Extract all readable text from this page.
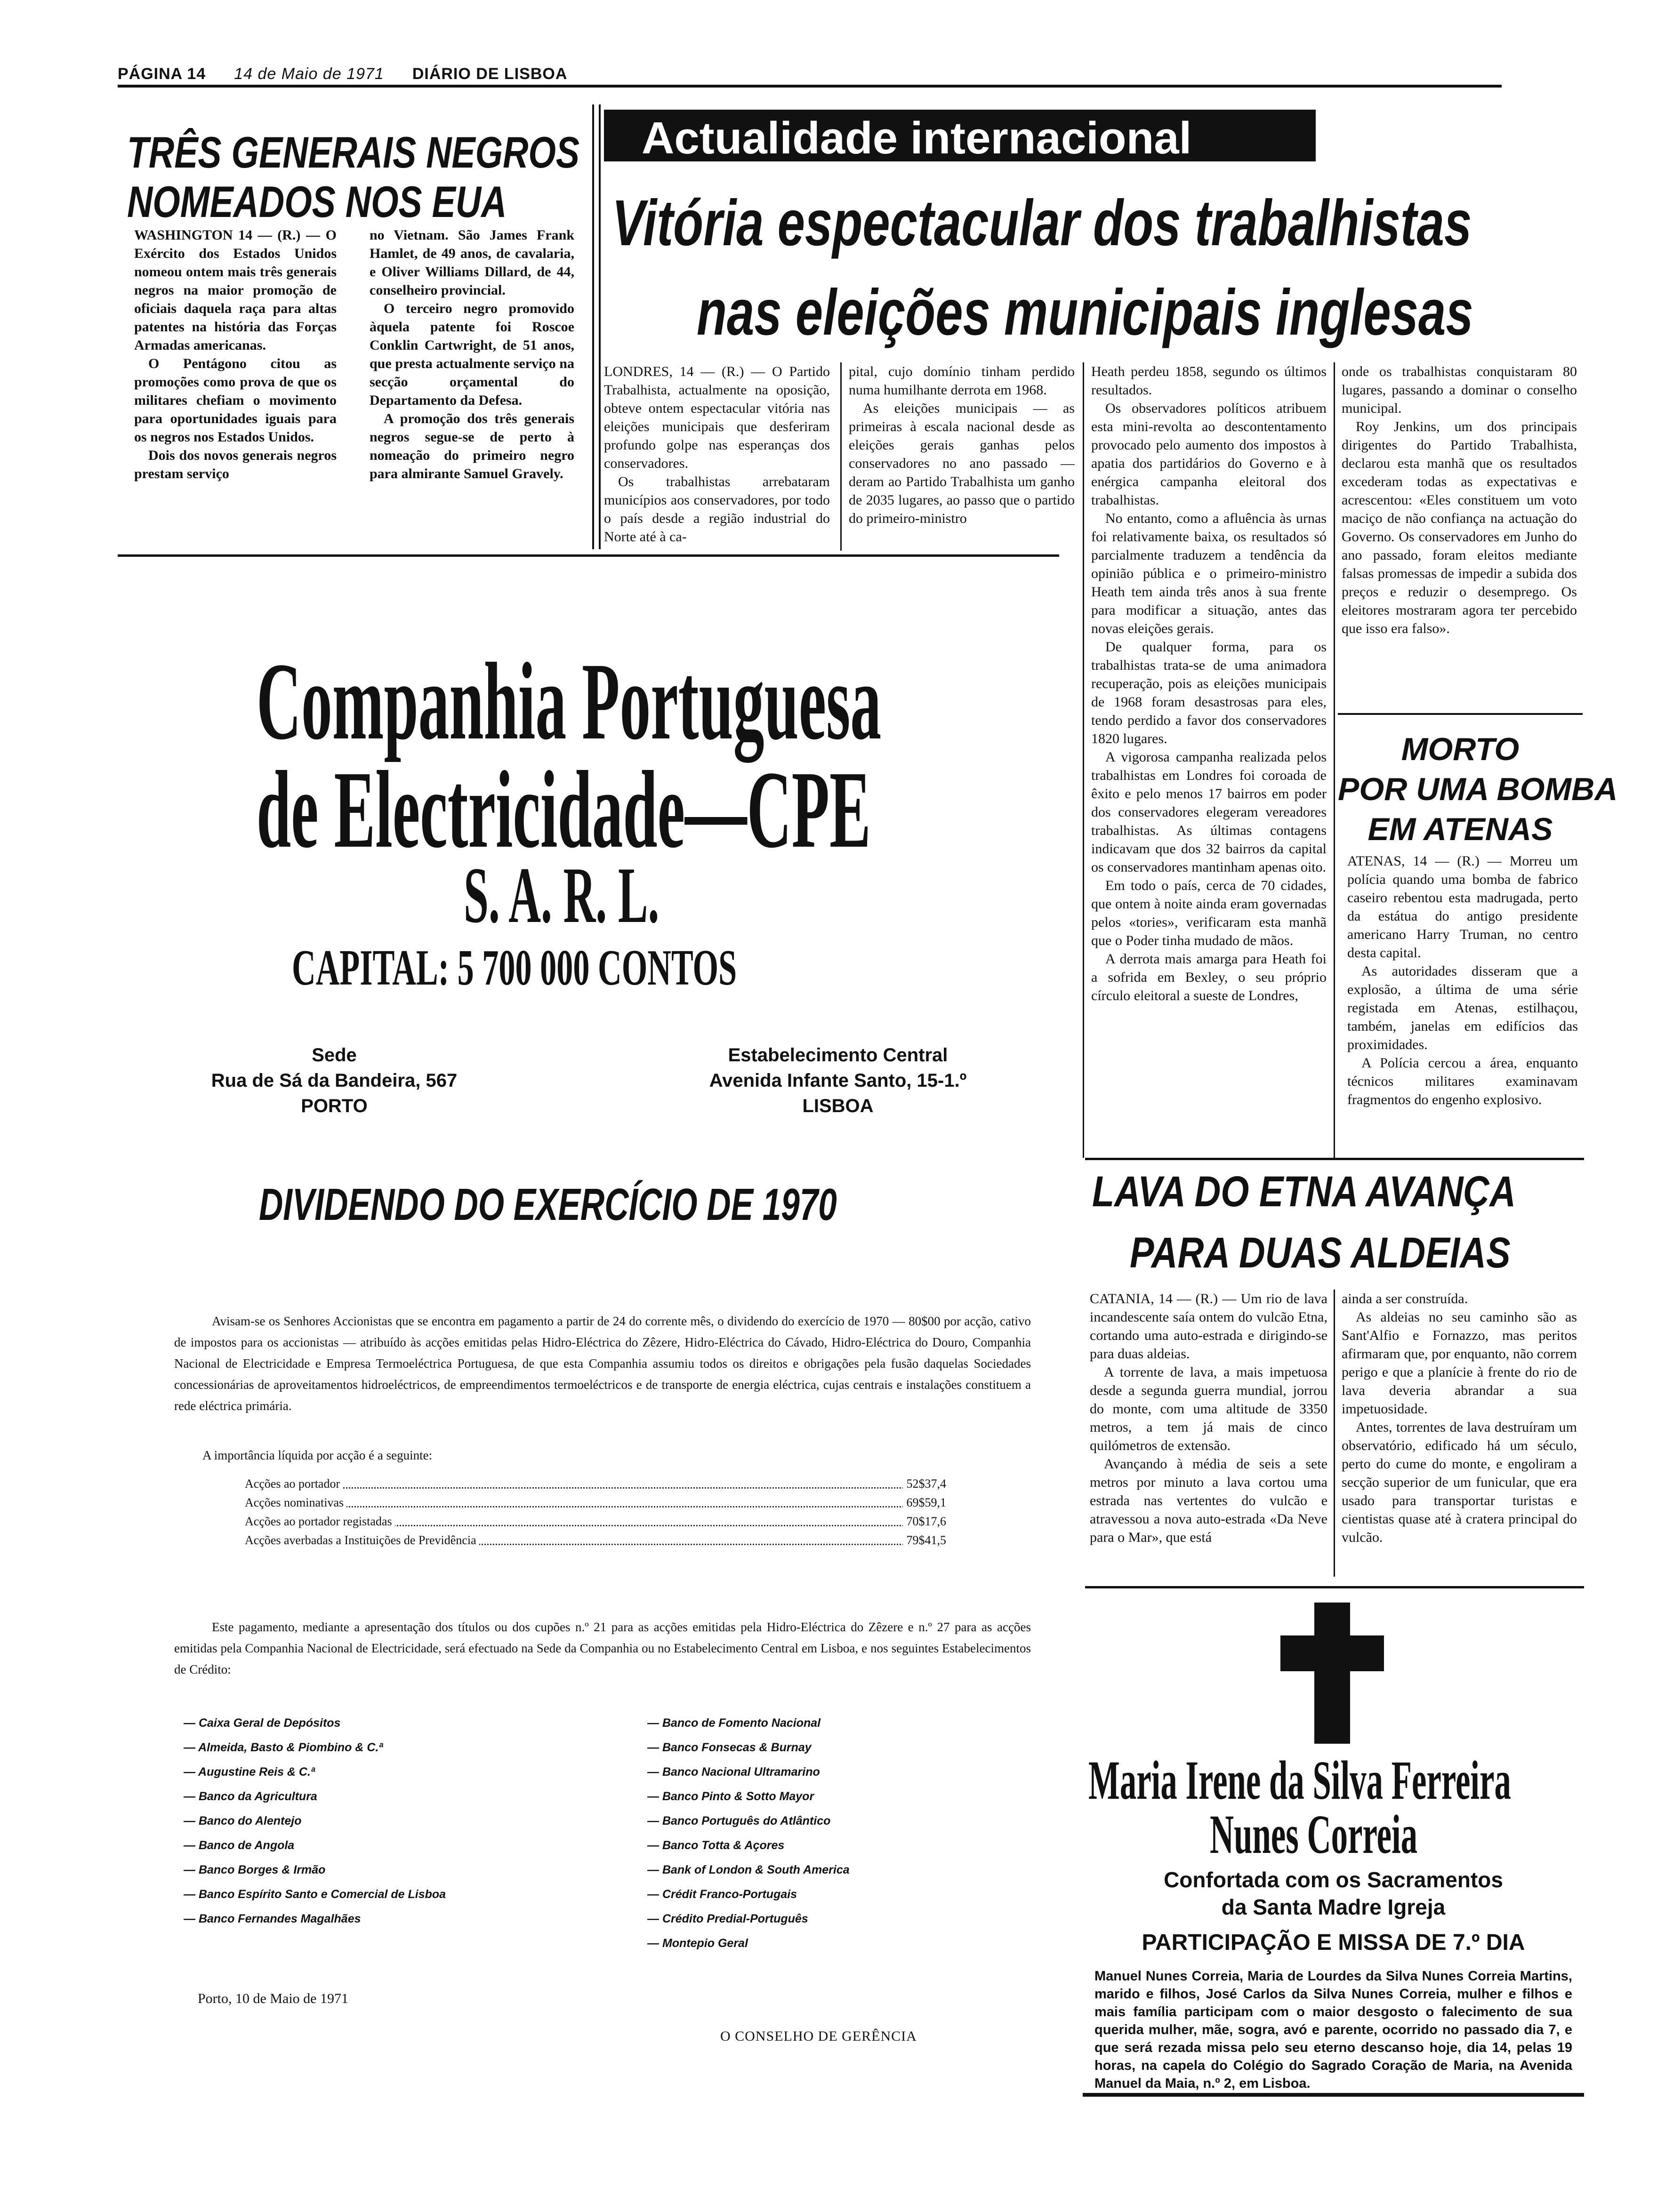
PÁGINA 14 14 de Maio de 1971 DIÁRIO DE LISBOA
TRÊS GENERAIS NEGROS
NOMEADOS NOS EUA

WASHINGTON 14 — (R.) — O Exército dos Estados Unidos nomeou ontem mais três generais negros na maior promoção de oficiais daquela raça para altas patentes na história das Forças Armadas americanas.

O Pentágono citou as promoções como prova de que os militares chefiam o movimento para oportunidades iguais para os negros nos Estados Unidos.

Dois dos novos generais negros prestam serviço

no Vietnam. São James Frank Hamlet, de 49 anos, de cavalaria, e Oliver Williams Dillard, de 44, conselheiro provincial.

O terceiro negro promovido àquela patente foi Roscoe Conklin Cartwright, de 51 anos, que presta actualmente serviço na secção orçamental do Departamento da Defesa.

A promoção dos três generais negros segue-se de perto à nomeação do primeiro negro para almirante Samuel Gravely.

Actualidade internacional
Vitória espectacular dos trabalhistas
nas eleições municipais inglesas

LONDRES, 14 — (R.) — O Partido Trabalhista, actualmente na oposição, obteve ontem espectacular vitória nas eleições municipais que desferiram profundo golpe nas esperanças dos conservadores.

Os trabalhistas arrebataram municípios aos conservadores, por todo o país desde a região industrial do Norte até à ca-

pital, cujo domínio tinham perdido numa humilhante derrota em 1968.

As eleições municipais — as primeiras à escala nacional desde as eleições gerais ganhas pelos conservadores no ano passado — deram ao Partido Trabalhista um ganho de 2035 lugares, ao passo que o partido do primeiro-ministro

Heath perdeu 1858, segundo os últimos resultados.

Os observadores políticos atribuem esta mini-revolta ao descontentamento provocado pelo aumento dos impostos à apatia dos partidários do Governo e à enérgica campanha eleitoral dos trabalhistas.

No entanto, como a afluência às urnas foi relativamente baixa, os resultados só parcialmente traduzem a tendência da opinião pública e o primeiro-ministro Heath tem ainda três anos à sua frente para modificar a situação, antes das novas eleições gerais.

De qualquer forma, para os trabalhistas trata-se de uma animadora recuperação, pois as eleições municipais de 1968 foram desastrosas para eles, tendo perdido a favor dos conservadores 1820 lugares.

A vigorosa campanha realizada pelos trabalhistas em Londres foi coroada de êxito e pelo menos 17 bairros em poder dos conservadores elegeram vereadores trabalhistas. As últimas contagens indicavam que dos 32 bairros da capital os conservadores mantinham apenas oito.

Em todo o país, cerca de 70 cidades, que ontem à noite ainda eram governadas pelos «tories», verificaram esta manhã que o Poder tinha mudado de mãos.

A derrota mais amarga para Heath foi a sofrida em Bexley, o seu próprio círculo eleitoral a sueste de Londres,

onde os trabalhistas conquistaram 80 lugares, passando a dominar o conselho municipal.

Roy Jenkins, um dos principais dirigentes do Partido Trabalhista, declarou esta manhã que os resultados excederam todas as expectativas e acrescentou: «Eles constituem um voto maciço de não confiança na actuação do Governo. Os conservadores em Junho do ano passado, foram eleitos mediante falsas promessas de impedir a subida dos preços e reduzir o desemprego. Os eleitores mostraram agora ter percebido que isso era falso».

MORTO
POR UMA BOMBA
EM ATENAS

ATENAS, 14 — (R.) — Morreu um polícia quando uma bomba de fabrico caseiro rebentou esta madrugada, perto da estátua do antigo presidente americano Harry Truman, no centro desta capital.

As autoridades disseram que a explosão, a última de uma série registada em Atenas, estilhaçou, também, janelas em edifícios das proximidades.

A Polícia cercou a área, enquanto técnicos militares examinavam fragmentos do engenho explosivo.

LAVA DO ETNA AVANÇA
PARA DUAS ALDEIAS

CATANIA, 14 — (R.) — Um rio de lava incandescente saía ontem do vulcão Etna, cortando uma auto-estrada e dirigindo-se para duas aldeias.

A torrente de lava, a mais impetuosa desde a segunda guerra mundial, jorrou do monte, com uma altitude de 3350 metros, a tem já mais de cinco quilómetros de extensão.

Avançando à média de seis a sete metros por minuto a lava cortou uma estrada nas vertentes do vulcão e atravessou a nova auto-estrada «Da Neve para o Mar», que está

ainda a ser construída.

As aldeias no seu caminho são as Sant'Alfio e Fornazzo, mas peritos afirmaram que, por enquanto, não correm perigo e que a planície à frente do rio de lava deveria abrandar a sua impetuosidade.

Antes, torrentes de lava destruíram um observatório, edificado há um século, perto do cume do monte, e engoliram a secção superior de um funicular, que era usado para transportar turistas e cientistas quase até à cratera principal do vulcão.

Maria Irene da Silva Ferreira
Nunes Correia
Confortada com os Sacramentos
da Santa Madre Igreja
PARTICIPAÇÃO E MISSA DE 7.º DIA
Manuel Nunes Correia, Maria de Lourdes da Silva Nunes Correia Martins, marido e filhos, José Carlos da Silva Nunes Correia, mulher e filhos e mais família participam com o maior desgosto o falecimento de sua querida mulher, mãe, sogra, avó e parente, ocorrido no passado dia 7, e que será rezada missa pelo seu eterno descanso hoje, dia 14, pelas 19 horas, na capela do Colégio do Sagrado Coração de Maria, na Avenida Manuel da Maia, n.º 2, em Lisboa.
Companhia Portuguesa
de Electricidade—CPE
S. A. R. L.
CAPITAL: 5 700 000 CONTOS
Sede
Rua de Sá da Bandeira, 567
PORTO
Estabelecimento Central
Avenida Infante Santo, 15-1.º
LISBOA
DIVIDENDO DO EXERCÍCIO DE 1970
Avisam-se os Senhores Accionistas que se encontra em pagamento a partir de 24 do corrente mês, o dividendo do exercício de 1970 — 80$00 por acção, cativo de impostos para os accionistas — atribuído às acções emitidas pelas Hidro-Eléctrica do Zêzere, Hidro-Eléctrica do Cávado, Hidro-Eléctrica do Douro, Companhia Nacional de Electricidade e Empresa Termoeléctrica Portuguesa, de que esta Companhia assumiu todos os direitos e obrigações pela fusão daquelas Sociedades concessionárias de aproveitamentos hidroeléctricos, de empreendimentos termoeléctricos e de transporte de energia eléctrica, cujas centrais e instalações constituem a rede eléctrica primária.
A importância líquida por acção é a seguinte:
Acções ao portador	52$37,4
Acções nominativas	69$59,1
Acções ao portador registadas	70$17,6
Acções averbadas a Instituições de Previdência	79$41,5
Este pagamento, mediante a apresentação dos títulos ou dos cupões n.º 21 para as acções emitidas pela Hidro-Eléctrica do Zêzere e n.º 27 para as acções emitidas pela Companhia Nacional de Electricidade, será efectuado na Sede da Companhia ou no Estabelecimento Central em Lisboa, e nos seguintes Estabelecimentos de Crédito:
— Caixa Geral de Depósitos
— Almeida, Basto & Piombino & C.ª
— Augustine Reis & C.ª
— Banco da Agricultura
— Banco do Alentejo
— Banco de Angola
— Banco Borges & Irmão
— Banco Espírito Santo e Comercial de Lisboa
— Banco Fernandes Magalhães
— Banco de Fomento Nacional
— Banco Fonsecas & Burnay
— Banco Nacional Ultramarino
— Banco Pinto & Sotto Mayor
— Banco Português do Atlântico
— Banco Totta & Açores
— Bank of London & South America
— Crédit Franco-Portugais
— Crédito Predial-Português
— Montepio Geral
Porto, 10 de Maio de 1971
O CONSELHO DE GERÊNCIA
